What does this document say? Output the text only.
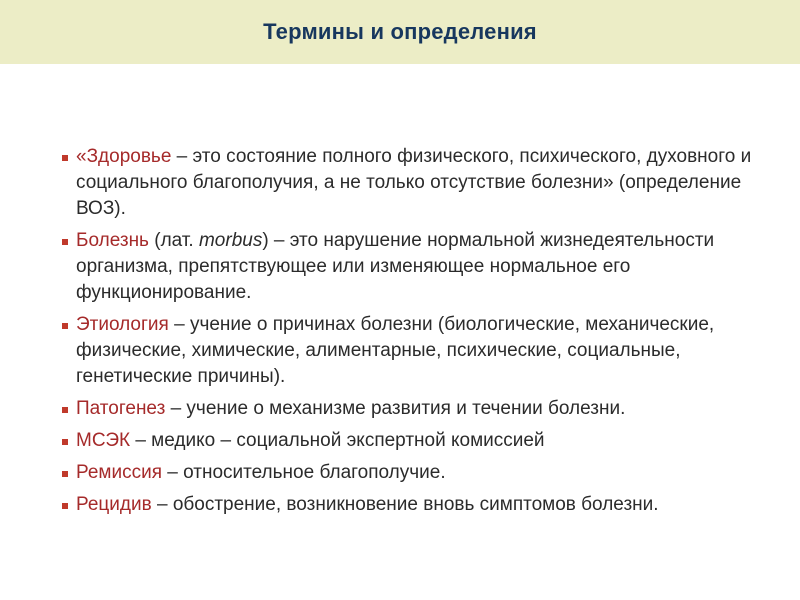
Термины и определения
«Здоровье – это состояние полного физического, психического, духовного и социального благополучия, а не только отсутствие болезни» (определение ВОЗ).
Болезнь (лат. morbus) – это нарушение нормальной жизнедеятельности организма, препятствующее или изменяющее нормальное его функционирование.
Этиология – учение о причинах болезни (биологические, механические, физические, химические, алиментарные, психические, социальные, генетические причины).
Патогенез – учение о механизме развития и течении болезни.
МСЭК – медико – социальной экспертной комиссией
Ремиссия – относительное благополучие.
Рецидив – обострение, возникновение вновь симптомов болезни.
